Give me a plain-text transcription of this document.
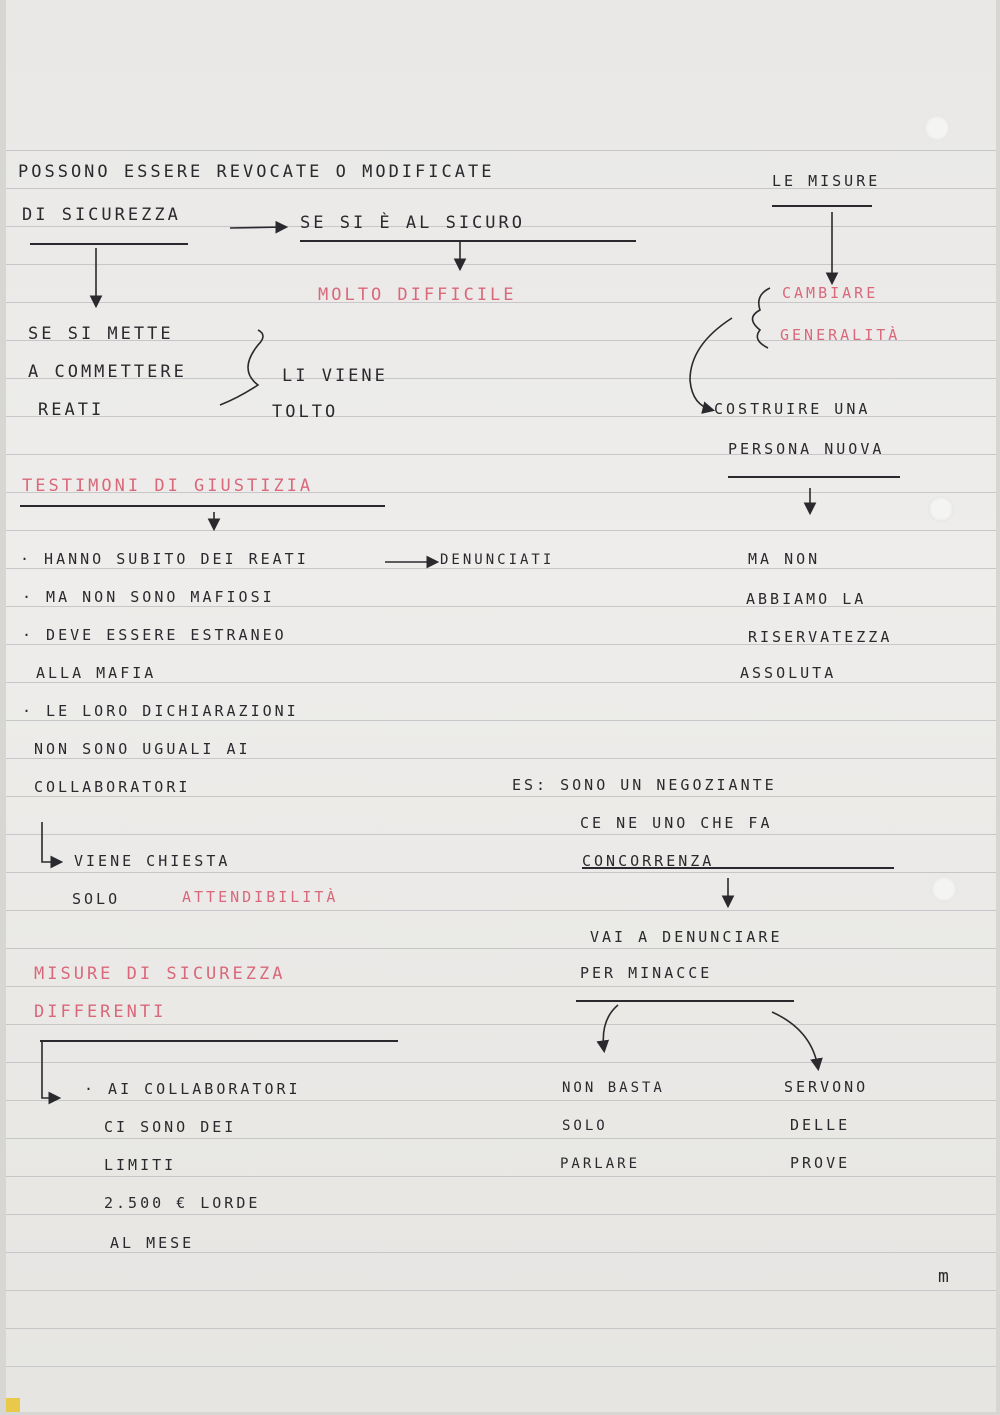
POSSONO ESSERE REVOCATE O MODIFICATE
DI SICUREZZA	SE SI È AL SICURO
MOLTO DIFFICILE
SE SI METTE
A COMMETTERE
REATI
LI VIENE
TOLTO
TESTIMONI DI GIUSTIZIA
· HANNO SUBITO DEI REATI	DENUNCIATI
· MA NON SONO MAFIOSI
· DEVE ESSERE ESTRANEO
ALLA MAFIA
· LE LORO DICHIARAZIONI
NON SONO UGUALI AI
COLLABORATORI
VIENE CHIESTA
SOLO	ATTENDIBILITÀ
MISURE DI SICUREZZA
DIFFERENTI
· AI COLLABORATORI
CI SONO DEI
LIMITI
2.500 € LORDE
AL MESE
LE MISURE
CAMBIARE
GENERALITÀ
COSTRUIRE UNA
PERSONA NUOVA
MA NON
ABBIAMO LA
RISERVATEZZA
ASSOLUTA
ES: SONO UN NEGOZIANTE
CE NE UNO CHE FA
CONCORRENZA
VAI A DENUNCIARE
PER MINACCE
NON BASTA
SOLO
PARLARE
SERVONO
DELLE
PROVE
m
